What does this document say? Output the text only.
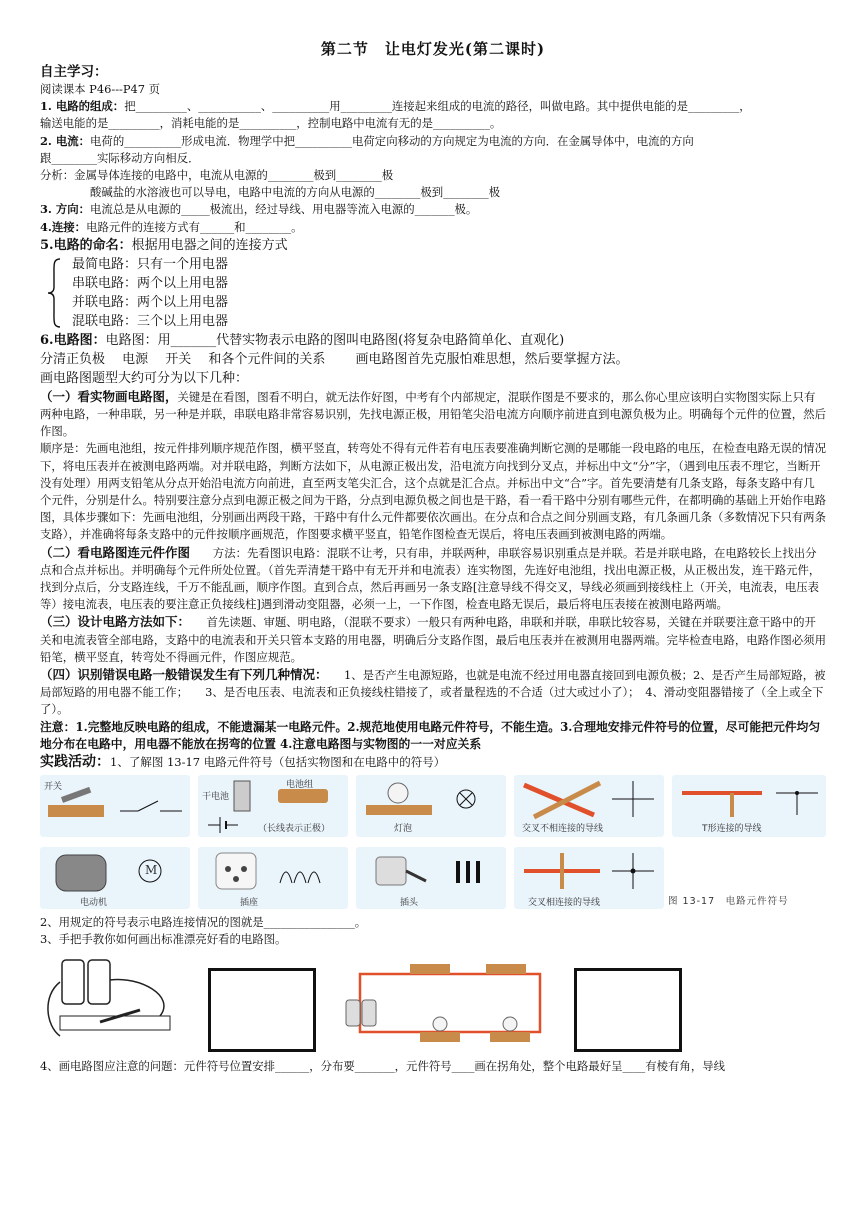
第二节　让电灯发光(第二课时)

自主学习：

阅读课本 P46---P47 页

1. 电路的组成：把_________、___________、__________用_________连接起来组成的电流的路径，叫做电路。其中提供电能的是_________，

输送电能的是_________，消耗电能的是__________，控制电路中电流有无的是__________。

2. 电流：电荷的__________形成电流．物理学中把__________电荷定向移动的方向规定为电流的方向．在金属导体中，电流的方向

跟________实际移动方向相反．

分析：金属导体连接的电路中，电流从电源的________极到________极

酸碱盐的水溶液也可以导电，电路中电流的方向从电源的________极到________极

3. 方向：电流总是从电源的_____极流出，经过导线、用电器等流入电源的_______极。

4.连接：电路元件的连接方式有______和________。

5.电路的命名：根据用电器之间的连接方式

最简电路：只有一个用电器

串联电路：两个以上用电器

并联电路：两个以上用电器

混联电路：三个以上用电器

6.电路图：电路图：用_______代替实物表示电路的图叫电路图(将复杂电路简单化、直观化)

分清正负极　 电源　 开关　 和各个元件间的关系　　 画电路图首先克服怕难思想，然后要掌握方法。

画电路图题型大约可分为以下几种：

（一）看实物画电路图，关键是在看图，图看不明白，就无法作好图，中考有个内部规定，混联作图是不要求的，那么你心里应该明白实物图实际上只有两种电路，一种串联，另一种是并联，串联电路非常容易识别，先找电源正极，用铅笔尖沿电流方向顺序前进直到电源负极为止。明确每个元件的位置，然后作图。

顺序是：先画电池组，按元件排列顺序规范作图，横平竖直，转弯处不得有元件若有电压表要准确判断它测的是哪能一段电路的电压，在检查电路无误的情况下，将电压表并在被测电路两端。对并联电路，判断方法如下，从电源正极出发，沿电流方向找到分叉点，并标出中文“分”字，（遇到电压表不理它，当断开没有处理）用两支铅笔从分点开始沿电流方向前进，直至两支笔尖汇合，这个点就是汇合点。并标出中文“合”字。首先要清楚有几条支路，每条支路中有几个元件，分别是什么。特别要注意分点到电源正极之间为干路，分点到电源负极之间也是干路，看一看干路中分别有哪些元件，在都明确的基础上开始作电路图，具体步骤如下：先画电池组，分别画出两段干路，干路中有什么元件都要依次画出。在分点和合点之间分别画支路，有几条画几条（多数情况下只有两条支路），并准确将每条支路中的元件按顺序画规范，作图要求横平竖直，铅笔作图检查无误后，将电压表画到被测电路的两端。

（二）看电路图连元件作图　　方法：先看图识电路：混联不让考，只有串，并联两种，串联容易识别重点是并联。若是并联电路，在电路较长上找出分点和合点并标出。并明确每个元件所处位置。（首先弄清楚干路中有无开并和电流表）连实物图，先连好电池组，找出电源正极，从正极出发，连干路元件，找到分点后，分支路连线，千万不能乱画，顺序作图。直到合点，然后再画另一条支路[注意导线不得交叉，导线必须画到接线柱上（开关，电流表，电压表等）接电流表，电压表的要注意正负接线柱]遇到滑动变阻器，必须一上，一下作图，检查电路无误后，最后将电压表接在被测电路两端。

（三）设计电路方法如下：　　首先读题、审题、明电路，（混联不要求）一般只有两种电路，串联和并联，串联比较容易，关键在并联要注意干路中的开关和电流表管全部电路，支路中的电流表和开关只管本支路的用电器，明确后分支路作图，最后电压表并在被测用电器两端。完毕检查电路，电路作图必须用铅笔，横平竖直，转弯处不得画元件，作图应规范。

（四）识别错误电路一般错误发生有下列几种情况：　　1、是否产生电源短路，也就是电流不经过用电器直接回到电源负极；2、是否产生局部短路，被局部短路的用电器不能工作；　　3、是否电压表、电流表和正负接线柱错接了，或者量程选的不合适（过大或过小了）；　4、滑动变阻器错接了（全上或全下了）。

注意：1.完整地反映电路的组成，不能遗漏某一电路元件。2.规范地使用电路元件符号，不能生造。3.合理地安排元件符号的位置，尽可能把元件均匀地分布在电路中，用电器不能放在拐弯的位置 4.注意电路图与实物图的一一对应关系

实践活动：1、了解图 13-17 电路元件符号（包括实物图和在电路中的符号）

开关
干电池
电池组
（长线表示正极）	灯泡	交叉不相连接的导线	T形连接的导线
电动机
M
插座	插头	交叉相连接的导线	图 13-17　电路元件符号

2、用规定的符号表示电路连接情况的图就是________________。

3、手把手教你如何画出标准漂亮好看的电路图。

4、画电路图应注意的问题：元件符号位置安排______，分布要_______，元件符号____画在拐角处，整个电路最好呈____有棱有角，导线
